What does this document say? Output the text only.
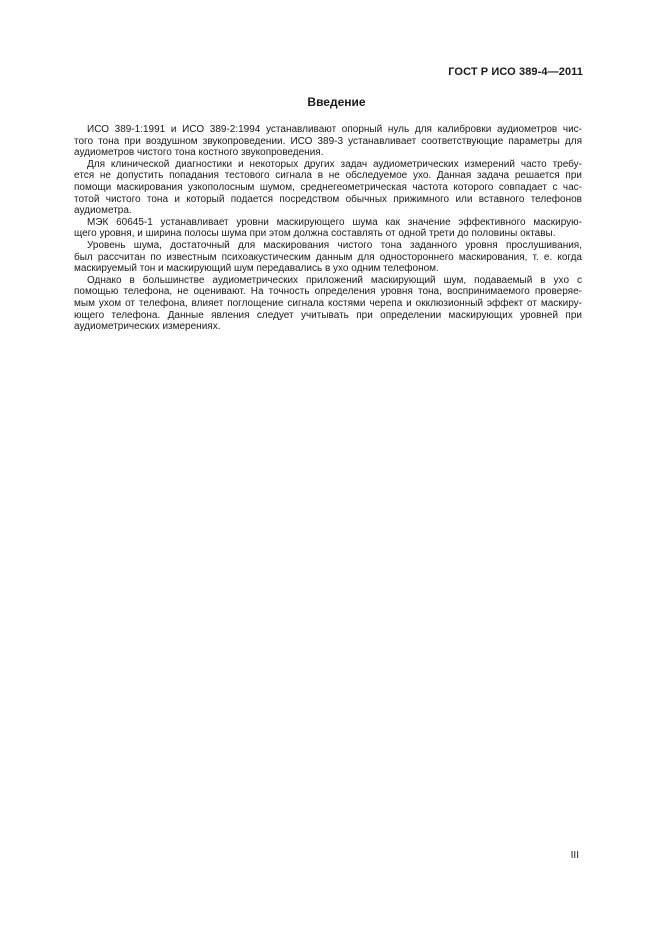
ГОСТ Р ИСО 389-4—2011
Введение

ИСО 389-1:1991 и ИСО 389-2:1994 устанавливают опорный нуль для калибровки аудиометров чис-
того тона при воздушном звукопроведении. ИСО 389-3 устанавливает соответствующие параметры для
аудиометров чистого тона костного звукопроведения.

Для клинической диагностики и некоторых других задач аудиометрических измерений часто требу-
ется не допустить попадания тестового сигнала в не обследуемое ухо. Данная задача решается при
помощи маскирования узкополосным шумом, среднегеометрическая частота которого совпадает с час-
тотой чистого тона и который подается посредством обычных прижимного или вставного телефонов
аудиометра.

МЭК 60645-1 устанавливает уровни маскирующего шума как значение эффективного маскирую-
щего уровня, и ширина полосы шума при этом должна составлять от одной трети до половины октавы.

Уровень шума, достаточный для маскирования чистого тона заданного уровня прослушивания,
был рассчитан по известным психоакустическим данным для одностороннего маскирования, т. е. когда
маскируемый тон и маскирующий шум передавались в ухо одним телефоном.

Однако в большинстве аудиометрических приложений маскирующий шум, подаваемый в ухо с
помощью телефона, не оценивают. На точность определения уровня тона, воспринимаемого проверяе-
мым ухом от телефона, влияет поглощение сигнала костями черепа и окклюзионный эффект от маскиру-
ющего телефона. Данные явления следует учитывать при определении маскирующих уровней при
аудиометрических измерениях.

III
